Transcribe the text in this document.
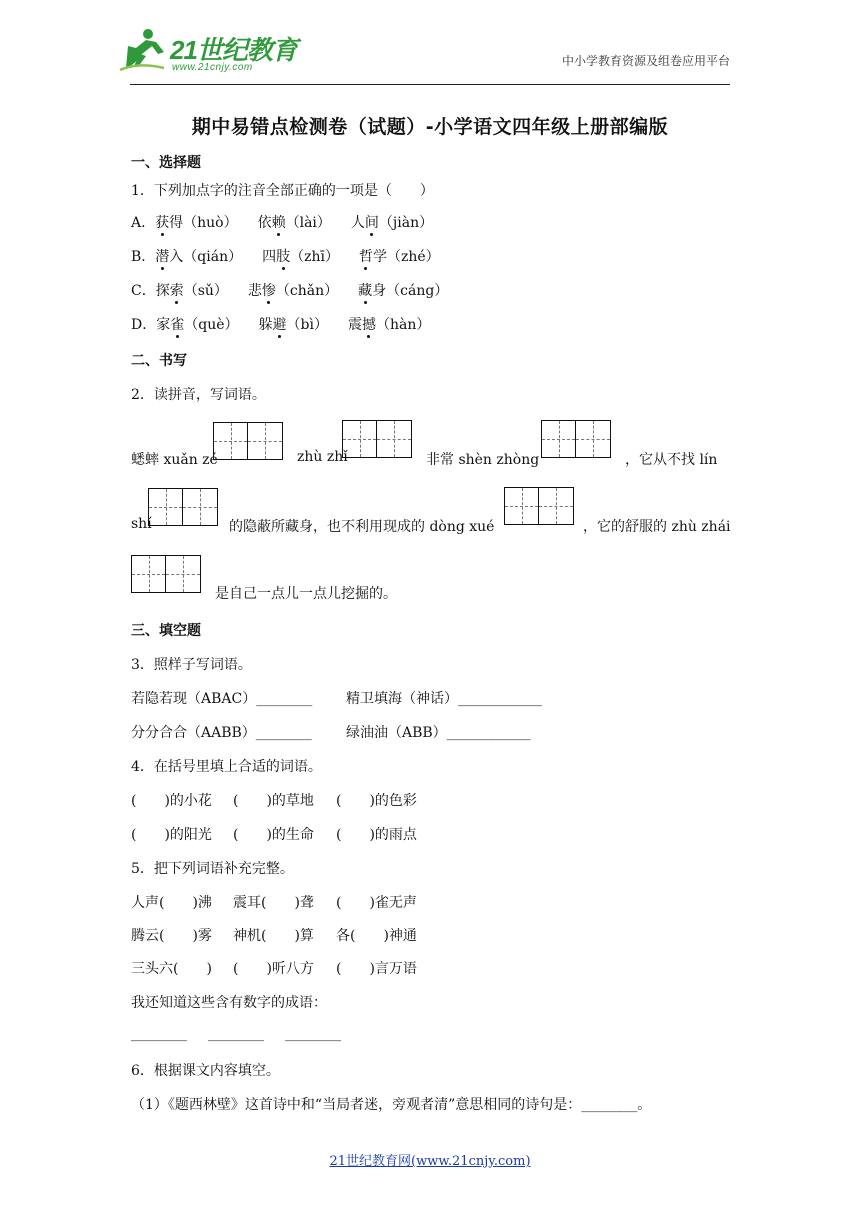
21世纪教育
www.21cnjy.com	中小学教育资源及组卷应用平台
期中易错点检测卷（试题）-小学语文四年级上册部编版
一、选择题
1．下列加点字的注音全部正确的一项是（　　）
A．获得（huò） 依赖（lài） 人间（jiàn）
B．潜入（qián） 四肢（zhī） 哲学（zhé）
C．探索（sǔ） 悲惨（chǎn） 藏身（cáng）
D．家雀（què） 躲避（bì） 震撼（hàn）
二、书写
2．读拼音，写词语。
蟋蟀 xuǎn zé	zhù zhǐ	非常 shèn zhòng	，它从不找 lín
shí	的隐蔽所藏身，也不利用现成的 dòng xué	，它的舒服的 zhù zhái
是自己一点儿一点儿挖掘的。
三、填空题
3．照样子写词语。
若隐若现（ABAC）________ 精卫填海（神话）____________
分分合合（AABB）________ 绿油油（ABB）____________
4．在括号里填上合适的词语。
(　　)的小花 (　　)的草地 (　　)的色彩
(　　)的阳光 (　　)的生命 (　　)的雨点
5．把下列词语补充完整。
人声(　　)沸 震耳(　　)聋 (　　)雀无声
腾云(　　)雾 神机(　　)算 各(　　)神通
三头六(　　) (　　)听八方 (　　)言万语
我还知道这些含有数字的成语：
________ ________ ________
6．根据课文内容填空。
（1）《题西林壁》这首诗中和“当局者迷，旁观者清”意思相同的诗句是：________。
21世纪教育网(www.21cnjy.com)
